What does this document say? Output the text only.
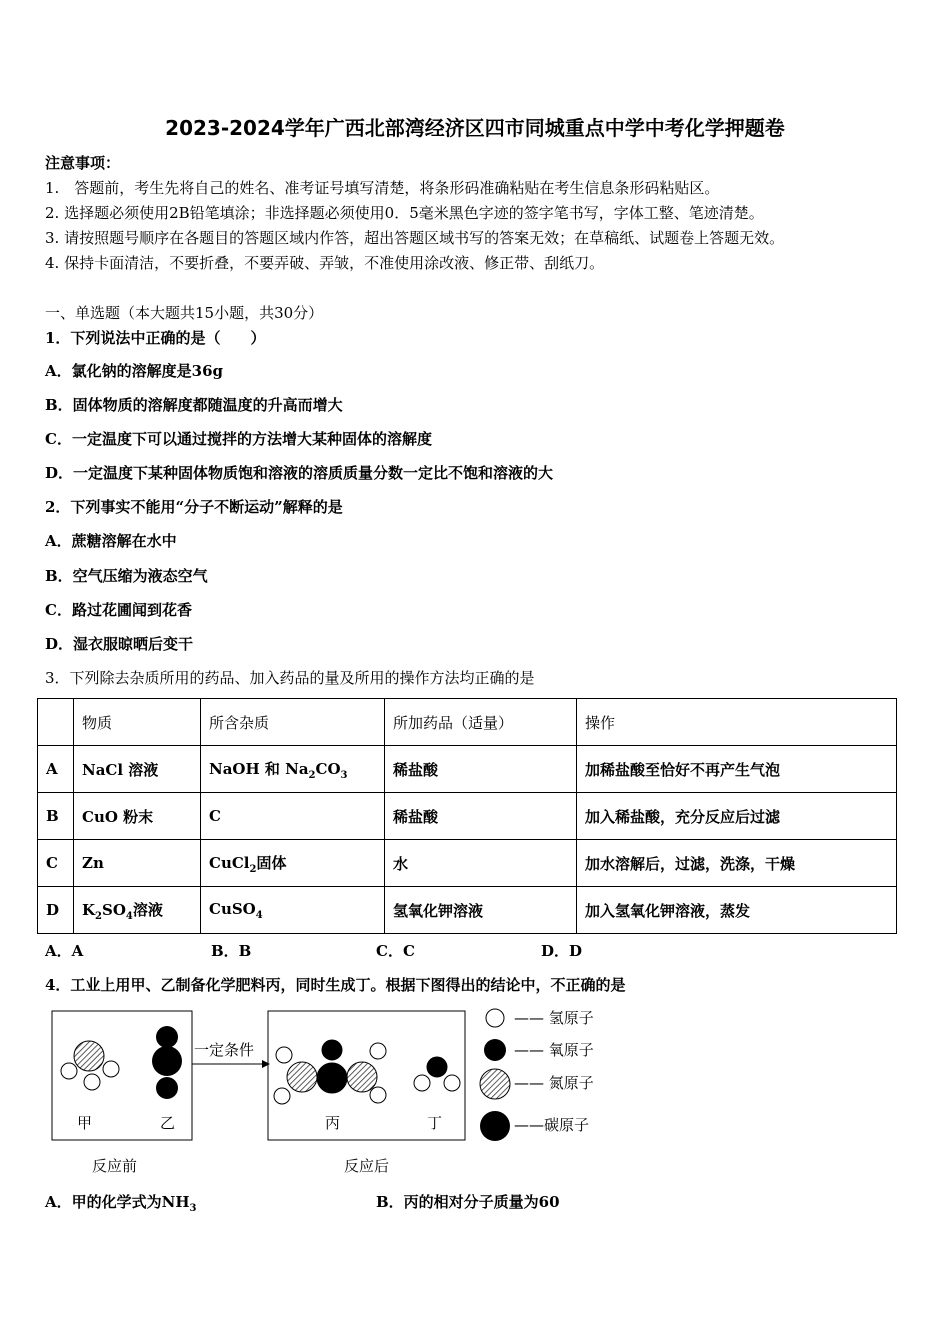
2023-2024学年广西北部湾经济区四市同城重点中学中考化学押题卷
注意事项：
1.　答题前，考生先将自己的姓名、准考证号填写清楚，将条形码准确粘贴在考生信息条形码粘贴区。
2. 选择题必须使用2B铅笔填涂；非选择题必须使用0．5毫米黑色字迹的签字笔书写，字体工整、笔迹清楚。
3. 请按照题号顺序在各题目的答题区域内作答，超出答题区域书写的答案无效；在草稿纸、试题卷上答题无效。
4. 保持卡面清洁，不要折叠，不要弄破、弄皱，不准使用涂改液、修正带、刮纸刀。
一、单选题（本大题共15小题，共30分）
1．下列说法中正确的是（　　）
A．氯化钠的溶解度是36g
B．固体物质的溶解度都随温度的升高而增大
C．一定温度下可以通过搅拌的方法增大某种固体的溶解度
D．一定温度下某种固体物质饱和溶液的溶质质量分数一定比不饱和溶液的大
2．下列事实不能用“分子不断运动”解释的是
A．蔗糖溶解在水中
B．空气压缩为液态空气
C．路过花圃闻到花香
D．湿衣服晾晒后变干
3．下列除去杂质所用的药品、加入药品的量及所用的操作方法均正确的是
	物质	所含杂质	所加药品（适量）	操作
A	NaCl 溶液	NaOH 和 $Na_2CO_3$	稀盐酸	加稀盐酸至恰好不再产生气泡
B	CuO 粉末	C	稀盐酸	加入稀盐酸，充分反应后过滤
C	Zn	CuCl$_2$固体	水	加水溶解后，过滤，洗涤，干燥
D	$K_2SO_4$溶液	CuSO$_4$	氢氧化钾溶液	加入氢氧化钾溶液，蒸发
A．A	B．B	C．C	D．D
4．工业上用甲、乙制备化学肥料丙，同时生成丁。根据下图得出的结论中，不正确的是
一定条件
甲	乙	丙	丁
反应前	反应后
—— 氢原子
—— 氧原子
—— 氮原子
——碳原子
A．甲的化学式为$NH_3$	B．丙的相对分子质量为60
